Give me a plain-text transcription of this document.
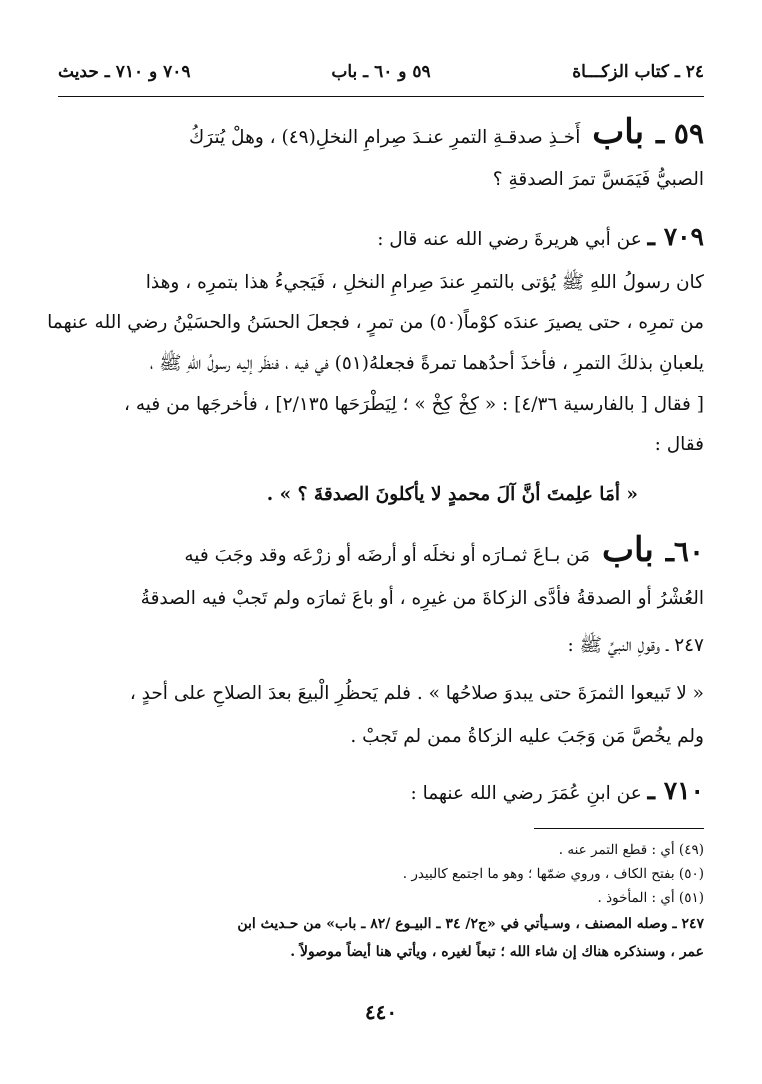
٢٤ ـ كتاب الزكـــاة
٥٩ و ٦٠ ـ باب
٧٠٩ و ٧١٠ ـ حديث
٥٩ ـ باب أَخـذِ صدقـةِ التمرِ عنـدَ صِرامِ النخلِ(٤٩) ، وهلْ يُترَكُ
الصبيُّ فَيَمَسَّ تمرَ الصدقةِ ؟
٧٠٩ ـ عن أبي هريرةَ رضي الله عنه قال :
كان رسولُ اللهِ ﷺ يُؤتى بالتمرِ عندَ صِرامِ النخلِ ، فَيَجيءُ هذا بتمرِه ، وهذا
من تمرِه ، حتى يصيرَ عندَه كوْماً(٥٠) من تمرٍ ، فجعلَ الحسَنُ والحسَيْنُ رضي الله عنهما
يلعبانِ بذلكَ التمرِ ، فأخذَ أحدُهما تمرةً فجعلهُ(٥١) في فيه ، فنظَر إليه رسولُ اللهِ ﷺ ،
[ فقال [ بالفارسية ٤/٣٦] : « كِخْ كِخْ » ؛ لِيَطْرَحَها ٢/١٣٥] ، فأخرجَها من فيه ،
فقال :
« أمَا علِمتَ أنَّ آلَ محمدٍ لا يأكلونَ الصدقةَ ؟ » .
٦٠ـ باب مَن بـاعَ ثمـارَه أو نخلَه أو أرضَه أو زرْعَه وقد وجَبَ فيه
العُشْرُ أو الصدقةُ فأدَّى الزكاةَ من غيرِه ، أو باعَ ثمارَه ولم تَجبْ فيه الصدقةُ
٢٤٧ ـ وقولِ النبيِّ ﷺ :
« لا تَبيعوا الثمرَةَ حتى يبدوَ صلاحُها » . فلم يَحظُرِ الْبيعَ بعدَ الصلاحِ على أحدٍ ،
ولم يخُصَّ مَن وَجَبَ عليه الزكاةُ ممن لم تَجبْ .
٧١٠ ـ عن ابنِ عُمَرَ رضي الله عنهما :
(٤٩) أي : قطع التمر عنه .
(٥٠) بفتح الكاف ، وروي ضمّها ؛ وهو ما اجتمع كالبيدر .
(٥١) أي : المأخوذ .
٢٤٧ ـ وصله المصنف ، وسـيأتي في «ج٢/ ٣٤ ـ البيـوع /٨٢ ـ باب» من حـديث ابن
عمر ، وسنذكره هناك إن شاء الله ؛ تبعاً لغيره ، ويأتي هنا أيضاً موصولاً .
٤٤٠
